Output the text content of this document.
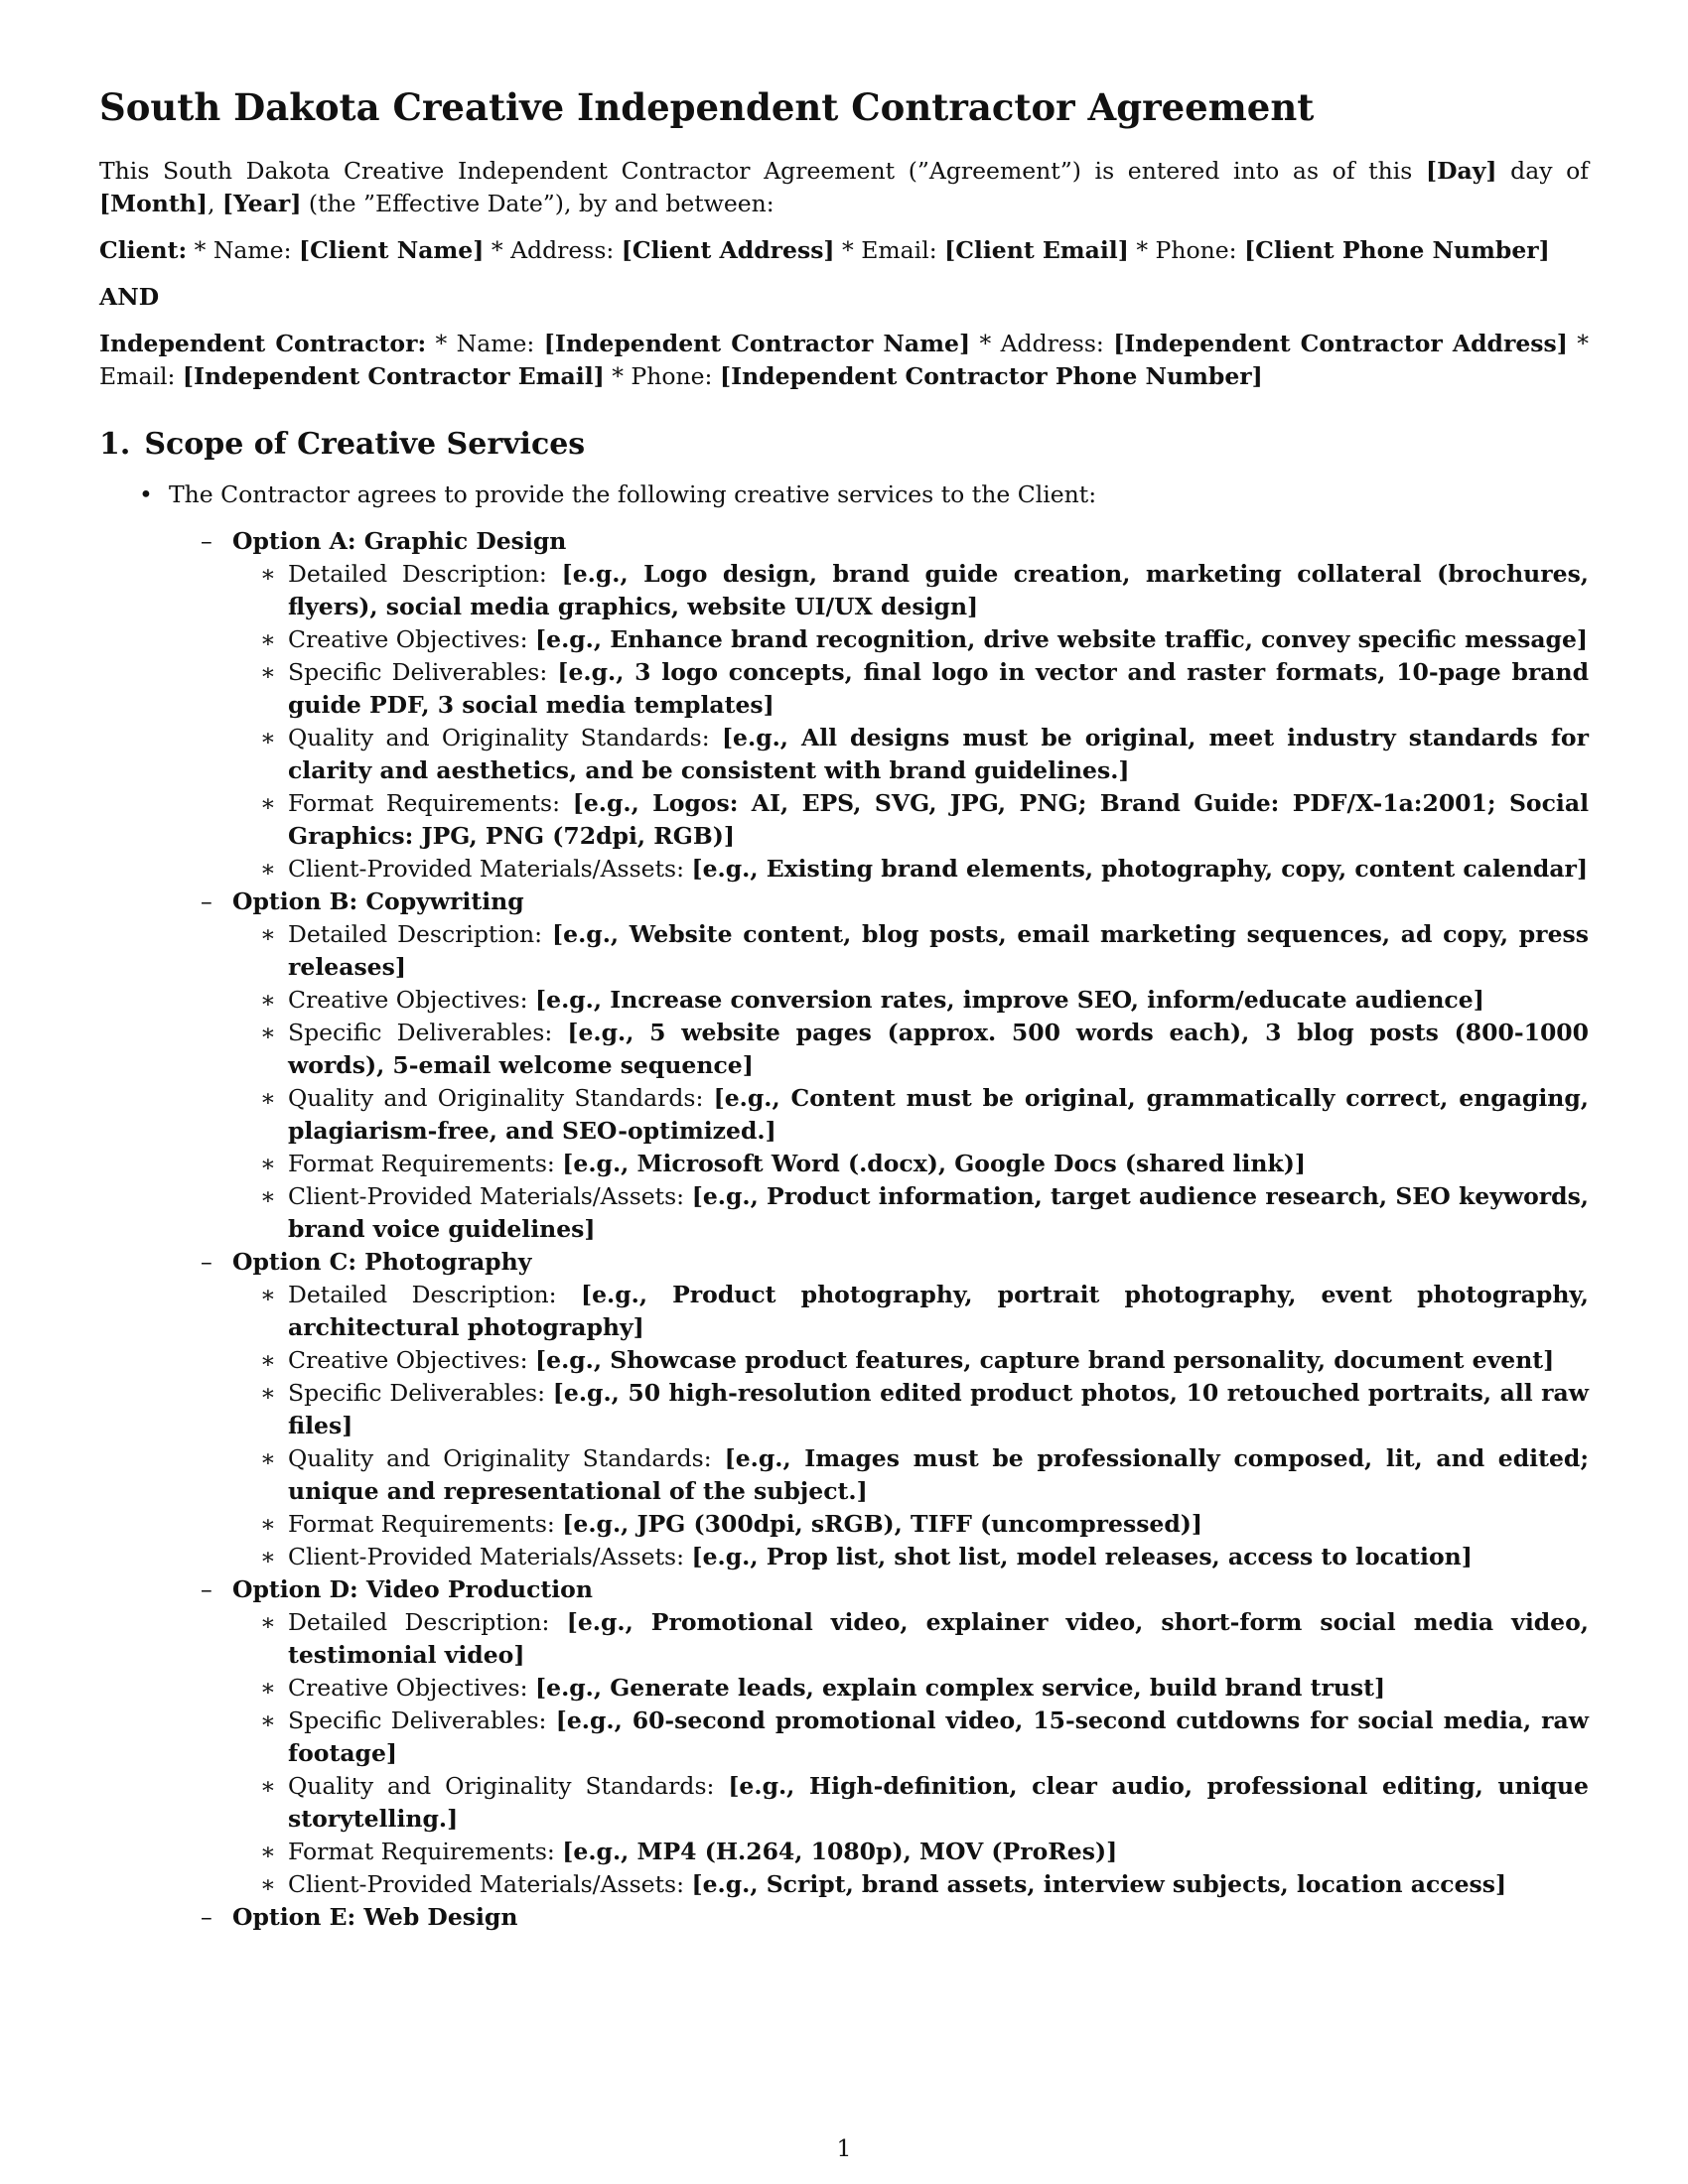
South Dakota Creative Independent Contractor Agreement

This South Dakota Creative Independent Contractor Agreement (”Agreement”) is entered into as of this [Day] day of [Month], [Year] (the ”Effective Date”), by and between:

Client: * Name: [Client Name] * Address: [Client Address] * Email: [Client Email] * Phone: [Client Phone Number]

AND

Independent Contractor: * Name: [Independent Contractor Name] * Address: [Independent Contractor Address] * Email: [Independent Contractor Email] * Phone: [Independent Contractor Phone Number]

1. Scope of Creative Services
• The Contractor agrees to provide the following creative services to the Client:
– Option A: Graphic Design
∗ Detailed Description: [e.g., Logo design, brand guide creation, marketing collateral (brochures, flyers), social media graphics, website UI/UX design]
∗ Creative Objectives: [e.g., Enhance brand recognition, drive website traffic, convey specific message]
∗ Specific Deliverables: [e.g., 3 logo concepts, final logo in vector and raster formats, 10-page brand guide PDF, 3 social media templates]
∗ Quality and Originality Standards: [e.g., All designs must be original, meet industry standards for clarity and aesthetics, and be consistent with brand guidelines.]
∗ Format Requirements: [e.g., Logos: AI, EPS, SVG, JPG, PNG; Brand Guide: PDF/X-1a:2001; Social Graphics: JPG, PNG (72dpi, RGB)]
∗ Client-Provided Materials/Assets: [e.g., Existing brand elements, photography, copy, content calendar]
– Option B: Copywriting
∗ Detailed Description: [e.g., Website content, blog posts, email marketing sequences, ad copy, press releases]
∗ Creative Objectives: [e.g., Increase conversion rates, improve SEO, inform/educate audience]
∗ Specific Deliverables: [e.g., 5 website pages (approx. 500 words each), 3 blog posts (800-1000 words), 5-email welcome sequence]
∗ Quality and Originality Standards: [e.g., Content must be original, grammatically correct, engaging, plagiarism-free, and SEO-optimized.]
∗ Format Requirements: [e.g., Microsoft Word (.docx), Google Docs (shared link)]
∗ Client-Provided Materials/Assets: [e.g., Product information, target audience research, SEO keywords, brand voice guidelines]
– Option C: Photography
∗ Detailed Description: [e.g., Product photography, portrait photography, event photography, architectural photography]
∗ Creative Objectives: [e.g., Showcase product features, capture brand personality, document event]
∗ Specific Deliverables: [e.g., 50 high-resolution edited product photos, 10 retouched portraits, all raw files]
∗ Quality and Originality Standards: [e.g., Images must be professionally composed, lit, and edited; unique and representational of the subject.]
∗ Format Requirements: [e.g., JPG (300dpi, sRGB), TIFF (uncompressed)]
∗ Client-Provided Materials/Assets: [e.g., Prop list, shot list, model releases, access to location]
– Option D: Video Production
∗ Detailed Description: [e.g., Promotional video, explainer video, short-form social media video, testimonial video]
∗ Creative Objectives: [e.g., Generate leads, explain complex service, build brand trust]
∗ Specific Deliverables: [e.g., 60-second promotional video, 15-second cutdowns for social media, raw footage]
∗ Quality and Originality Standards: [e.g., High-definition, clear audio, professional editing, unique storytelling.]
∗ Format Requirements: [e.g., MP4 (H.264, 1080p), MOV (ProRes)]
∗ Client-Provided Materials/Assets: [e.g., Script, brand assets, interview subjects, location access]
– Option E: Web Design
1
